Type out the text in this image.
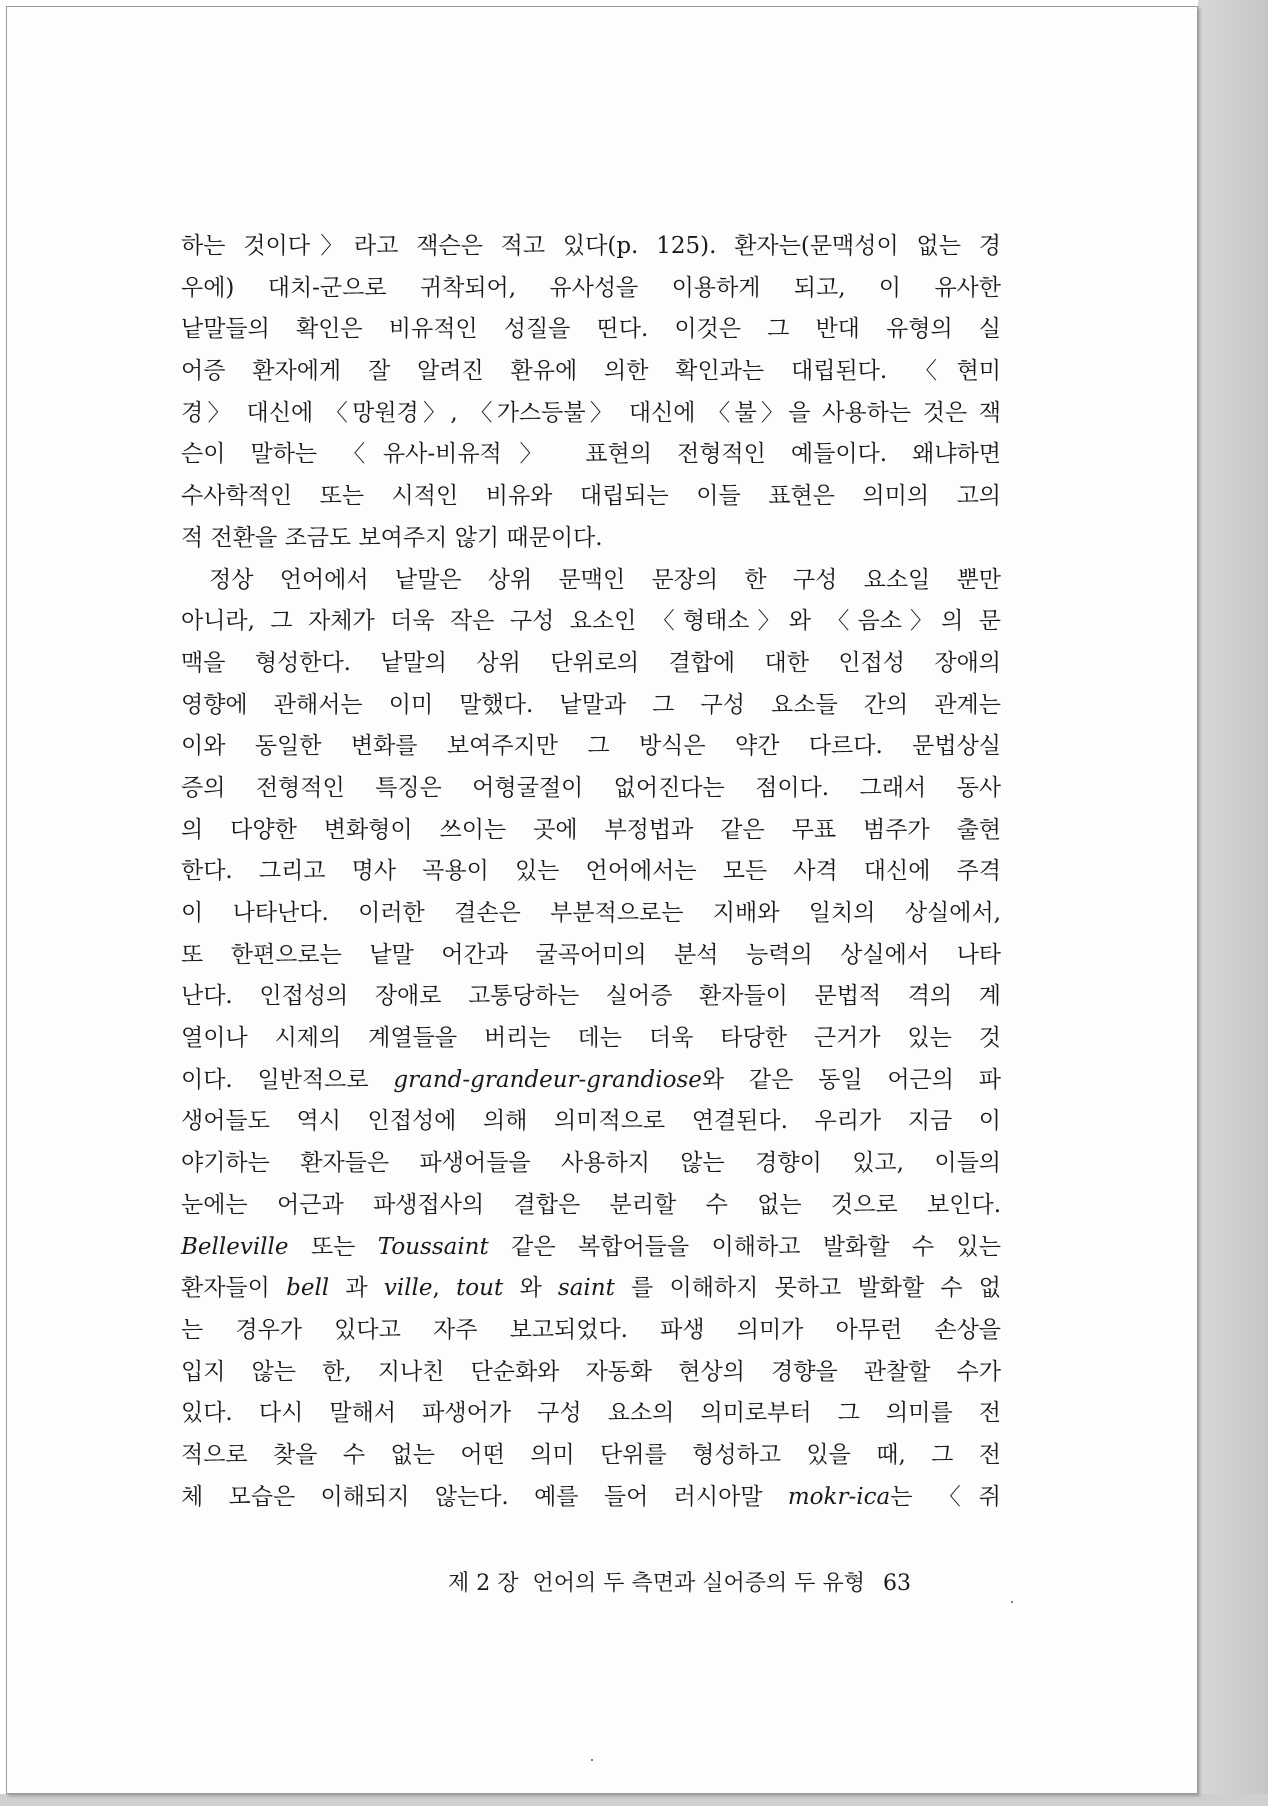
하는 것이다〉라고 잭슨은 적고 있다(p. 125). 환자는(문맥성이 없는 경
우에) 대치-군으로 귀착되어, 유사성을 이용하게 되고, 이 유사한
낱말들의 확인은 비유적인 성질을 띤다. 이것은 그 반대 유형의 실
어증 환자에게 잘 알려진 환유에 의한 확인과는 대립된다. 〈현미
경〉 대신에 〈망원경〉, 〈가스등불〉 대신에 〈불〉을 사용하는 것은 잭
슨이 말하는 〈유사-비유적〉 표현의 전형적인 예들이다. 왜냐하면
수사학적인 또는 시적인 비유와 대립되는 이들 표현은 의미의 고의
적 전환을 조금도 보여주지 않기 때문이다.
정상 언어에서 낱말은 상위 문맥인 문장의 한 구성 요소일 뿐만
아니라, 그 자체가 더욱 작은 구성 요소인 〈형태소〉와 〈음소〉의 문
맥을 형성한다. 낱말의 상위 단위로의 결합에 대한 인접성 장애의
영향에 관해서는 이미 말했다. 낱말과 그 구성 요소들 간의 관계는
이와 동일한 변화를 보여주지만 그 방식은 약간 다르다. 문법상실
증의 전형적인 특징은 어형굴절이 없어진다는 점이다. 그래서 동사
의 다양한 변화형이 쓰이는 곳에 부정법과 같은 무표 범주가 출현
한다. 그리고 명사 곡용이 있는 언어에서는 모든 사격 대신에 주격
이 나타난다. 이러한 결손은 부분적으로는 지배와 일치의 상실에서,
또 한편으로는 낱말 어간과 굴곡어미의 분석 능력의 상실에서 나타
난다. 인접성의 장애로 고통당하는 실어증 환자들이 문법적 격의 계
열이나 시제의 계열들을 버리는 데는 더욱 타당한 근거가 있는 것
이다. 일반적으로 grand-grandeur-grandiose와 같은 동일 어근의 파
생어들도 역시 인접성에 의해 의미적으로 연결된다. 우리가 지금 이
야기하는 환자들은 파생어들을 사용하지 않는 경향이 있고, 이들의
눈에는 어근과 파생접사의 결합은 분리할 수 없는 것으로 보인다.
Belleville 또는 Toussaint 같은 복합어들을 이해하고 발화할 수 있는
환자들이 bell 과 ville, tout 와 saint 를 이해하지 못하고 발화할 수 없
는 경우가 있다고 자주 보고되었다. 파생 의미가 아무런 손상을
입지 않는 한, 지나친 단순화와 자동화 현상의 경향을 관찰할 수가
있다. 다시 말해서 파생어가 구성 요소의 의미로부터 그 의미를 전
적으로 찾을 수 없는 어떤 의미 단위를 형성하고 있을 때, 그 전
체 모습은 이해되지 않는다. 예를 들어 러시아말 mokr-ica는 〈쥐
제 2 장  언어의 두 측면과 실어증의 두 유형 63
